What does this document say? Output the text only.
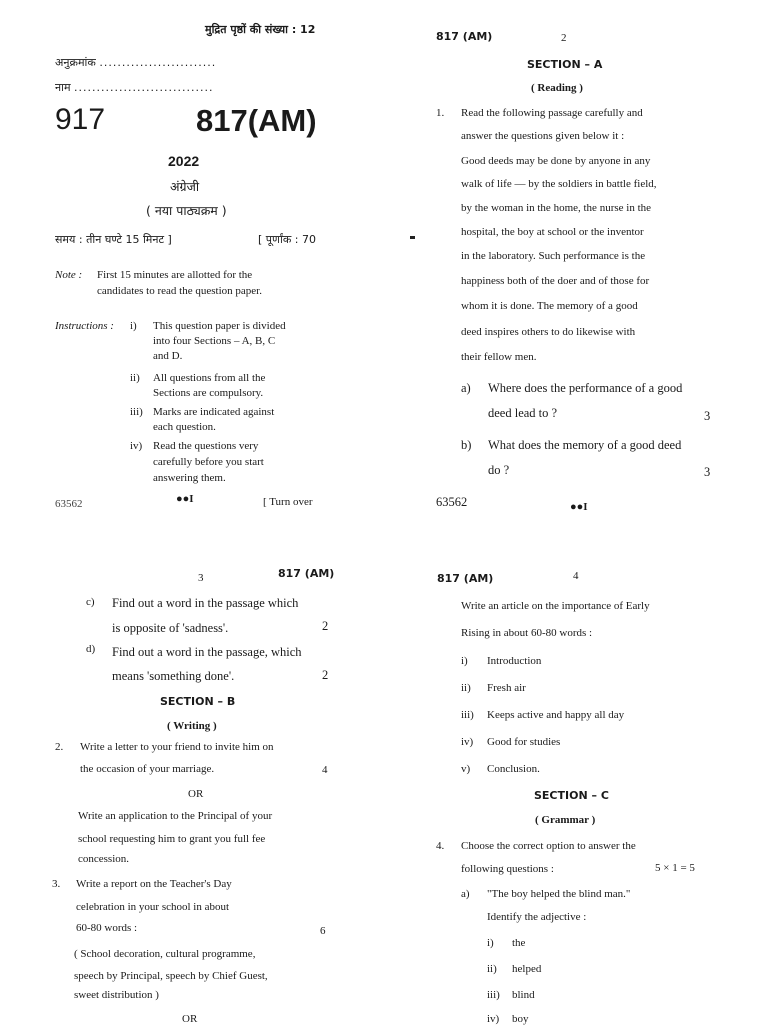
मुद्रित पृष्ठों की संख्या : 12
अनुक्रमांक ..........................
नाम ...............................
917	817(AM)
2022
अंग्रेजी
( नया पाठ्यक्रम )
समय : तीन घण्टे 15 मिनट ]	[ पूर्णांक : 70
Note : First 15 minutes are allotted for the
candidates to read the question paper.
Instructions : i) This question paper is divided
into four Sections – A, B, C
and D.
ii) All questions from all the
Sections are compulsory.
iii) Marks are indicated against
each question.
iv) Read the questions very
carefully before you start
answering them.
63562	●●I	[ Turn over
817 (AM)	2
SECTION – A
( Reading )
1. Read the following passage carefully and
answer the questions given below it :
Good deeds may be done by anyone in any
walk of life — by the soldiers in battle field,
by the woman in the home, the nurse in the
hospital, the boy at school or the inventor
in the laboratory. Such performance is the
happiness both of the doer and of those for
whom it is done. The memory of a good
deed inspires others to do likewise with
their fellow men.
a) Where does the performance of a good
deed lead to ?	3
b) What does the memory of a good deed
do ?	3
63562	●●I
3	817 (AM)
c) Find out a word in the passage which
is opposite of 'sadness'.	2
d) Find out a word in the passage, which
means 'something done'.	2
SECTION – B
( Writing )
2. Write a letter to your friend to invite him on
the occasion of your marriage.	4
OR
Write an application to the Principal of your
school requesting him to grant you full fee
concession.
3. Write a report on the Teacher's Day
celebration in your school in about
60-80 words :	6
( School decoration, cultural programme,
speech by Principal, speech by Chief Guest,
sweet distribution )
OR
817 (AM)	4
Write an article on the importance of Early
Rising in about 60-80 words :
i) Introduction
ii) Fresh air
iii) Keeps active and happy all day
iv) Good for studies
v) Conclusion.
SECTION – C
( Grammar )
4. Choose the correct option to answer the
following questions :	5 × 1 = 5
a) "The boy helped the blind man."
Identify the adjective :
i) the
ii) helped
iii) blind
iv) boy
